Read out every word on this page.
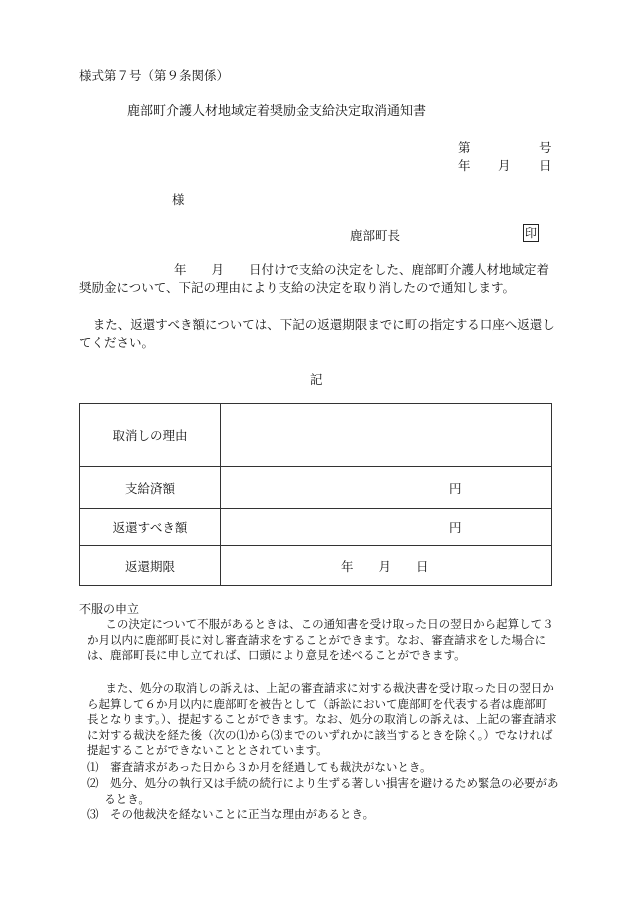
様式第７号（第９条関係）
鹿部町介護人材地域定着奨励金支給決定取消通知書
第	号
年 月 日
様
鹿部町長	印
年　　月　　日付けで支給の決定をした、鹿部町介護人材地域定着奨励金について、下記の理由により支給の決定を取り消したので通知します。
また、返還すべき額については、下記の返還期限までに町の指定する口座へ返還してください。
記
取消しの理由	
支給済額	円
返還すべき額	円
返還期限	年　　月　　日
不服の申立
この決定について不服があるときは、この通知書を受け取った日の翌日から起算して３か月以内に鹿部町長に対し審査請求をすることができます。なお、審査請求をした場合には、鹿部町長に申し立てれば、口頭により意見を述べることができます。
また、処分の取消しの訴えは、上記の審査請求に対する裁決書を受け取った日の翌日から起算して６か月以内に鹿部町を被告として（訴訟において鹿部町を代表する者は鹿部町長となります。）、提起することができます。なお、処分の取消しの訴えは、上記の審査請求に対する裁決を経た後（次の⑴から⑶までのいずれかに該当するときを除く。）でなければ提起することができないこととされています。
⑴　審査請求があった日から３か月を経過しても裁決がないとき。
⑵　処分、処分の執行又は手続の続行により生ずる著しい損害を避けるため緊急の必要があるとき。
⑶　その他裁決を経ないことに正当な理由があるとき。
